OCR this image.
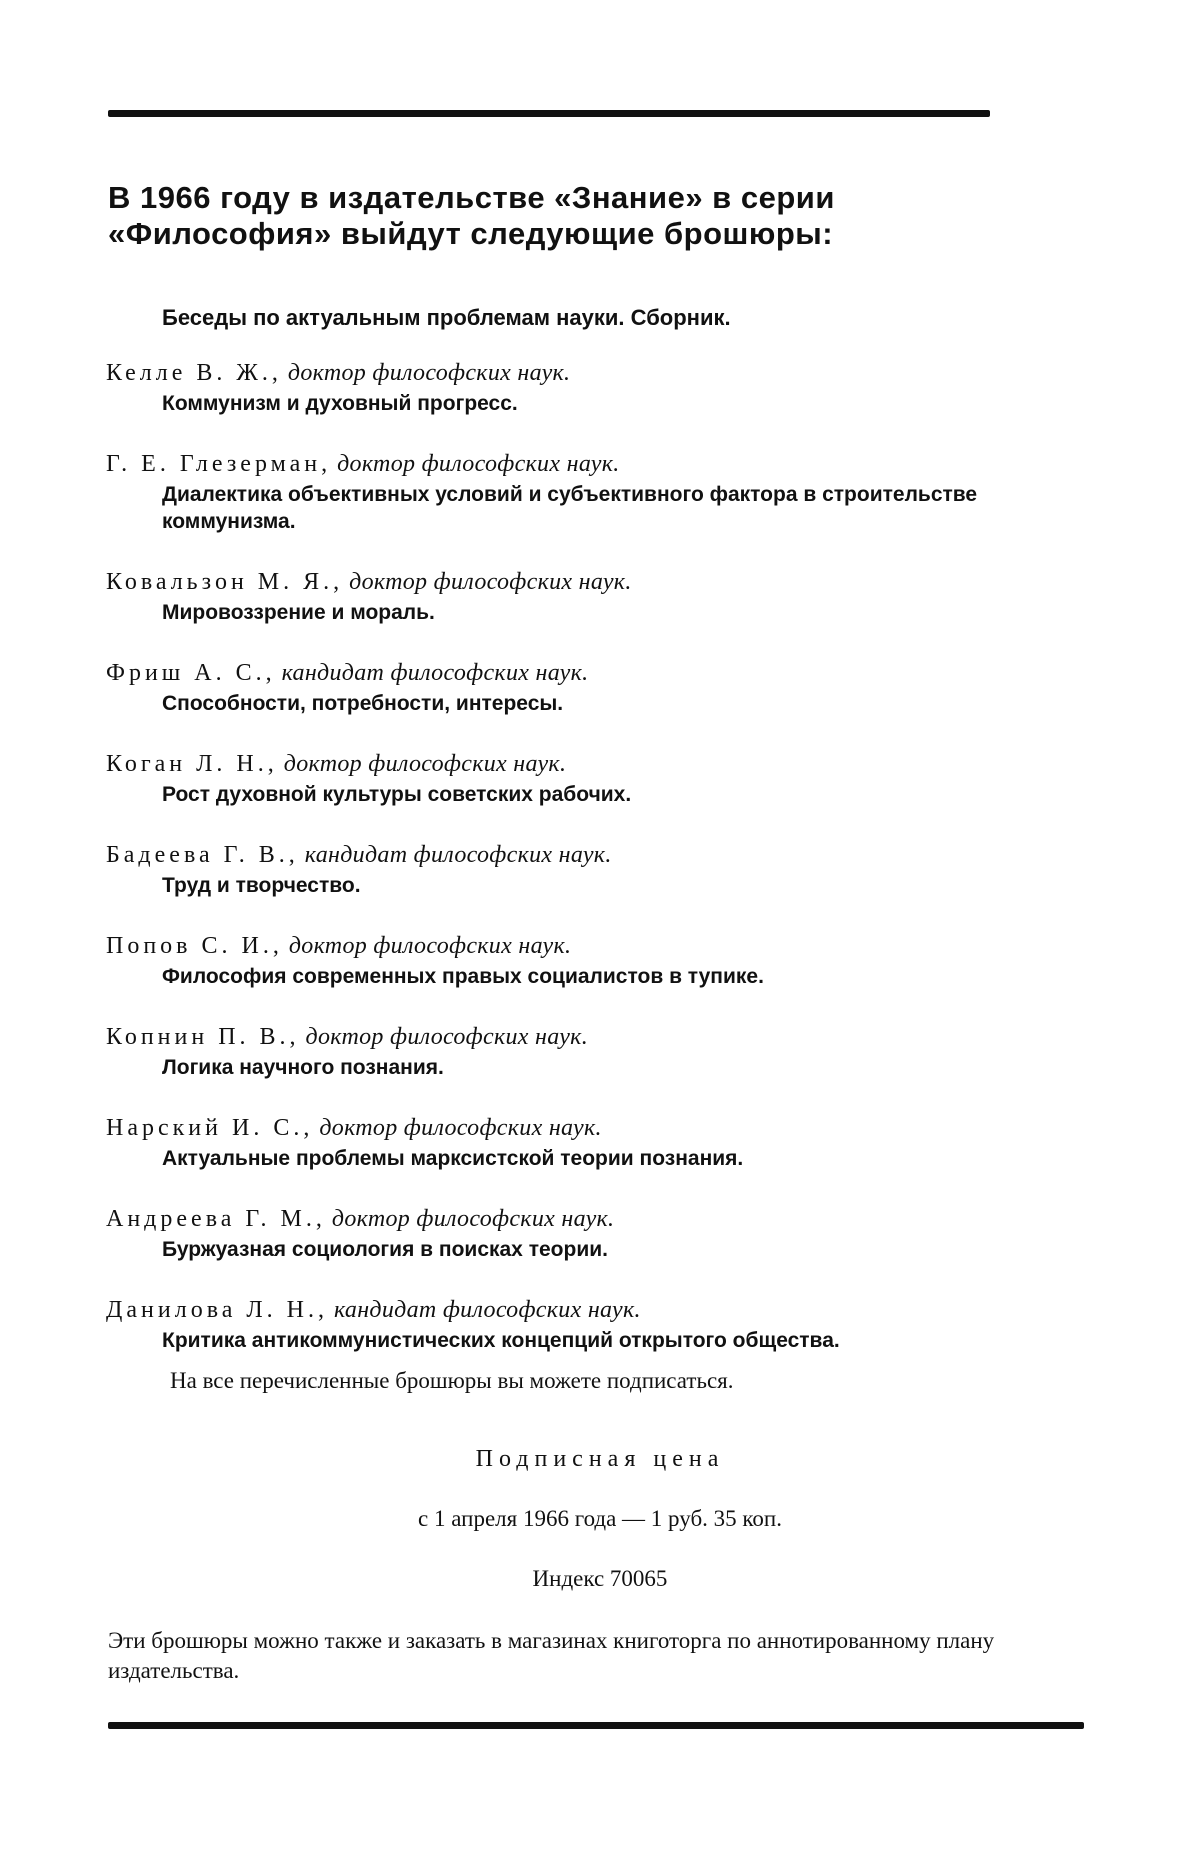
В 1966 году в издательстве «Знание» в серии
«Философия» выйдут следующие брошюры:
Беседы по актуальным проблемам науки. Сборник.
Келле В. Ж., доктор философских наук.
Коммунизм и духовный прогресс.
Г. Е. Глезерман, доктор философских наук.
Диалектика объективных условий и субъективного фактора в строительстве коммунизма.
Ковальзон М. Я., доктор философских наук.
Мировоззрение и мораль.
Фриш А. С., кандидат философских наук.
Способности, потребности, интересы.
Коган Л. Н., доктор философских наук.
Рост духовной культуры советских рабочих.
Бадеева Г. В., кандидат философских наук.
Труд и творчество.
Попов С. И., доктор философских наук.
Философия современных правых социалистов в тупике.
Копнин П. В., доктор философских наук.
Логика научного познания.
Нарский И. С., доктор философских наук.
Актуальные проблемы марксистской теории познания.
Андреева Г. М., доктор философских наук.
Буржуазная социология в поисках теории.
Данилова Л. Н., кандидат философских наук.
Критика антикоммунистических концепций открытого общества.
На все перечисленные брошюры вы можете подписаться.
Подписная цена
с 1 апреля 1966 года — 1 руб. 35 коп.
Индекс 70065
Эти брошюры можно также и заказать в магазинах книготорга по аннотированному плану издательства.
